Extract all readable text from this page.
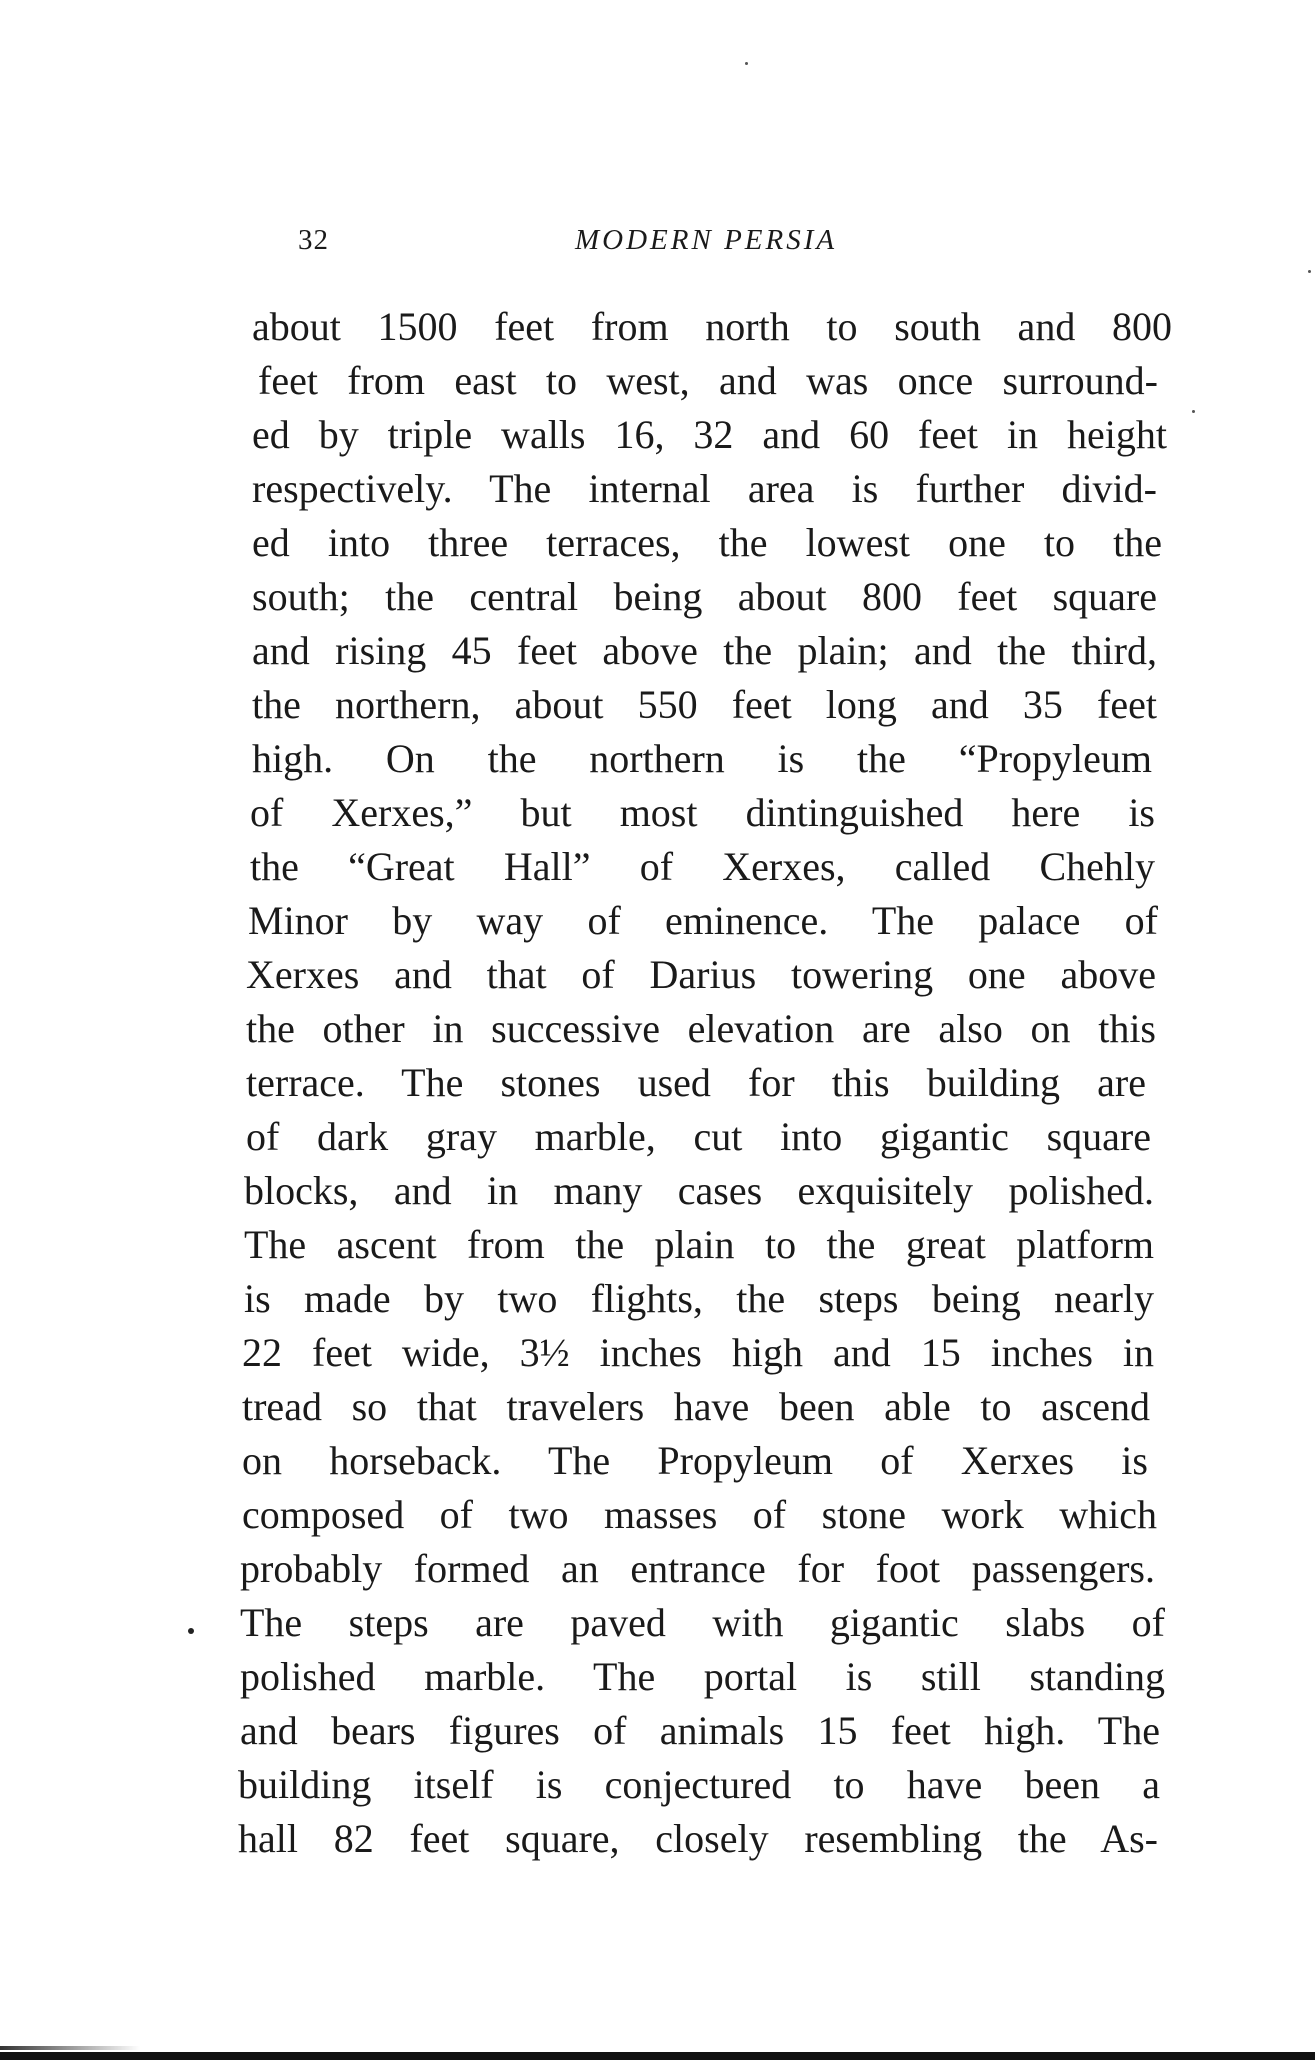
32	MODERN PERSIA
about 1500 feet from north to south and 800
feet from east to west, and was once surround-
ed by triple walls 16, 32 and 60 feet in height
respectively. The internal area is further divid-
ed into three terraces, the lowest one to the
south; the central being about 800 feet square
and rising 45 feet above the plain; and the third,
the northern, about 550 feet long and 35 feet
high. On the northern is the “Propyleum
of Xerxes,” but most dintinguished here is
the “Great Hall” of Xerxes, called Chehly
Minor by way of eminence. The palace of
Xerxes and that of Darius towering one above
the other in successive elevation are also on this
terrace. The stones used for this building are
of dark gray marble, cut into gigantic square
blocks, and in many cases exquisitely polished.
The ascent from the plain to the great platform
is made by two flights, the steps being nearly
22 feet wide, 3½ inches high and 15 inches in
tread so that travelers have been able to ascend
on horseback. The Propyleum of Xerxes is
composed of two masses of stone work which
probably formed an entrance for foot passengers.
The steps are paved with gigantic slabs of
polished marble. The portal is still standing
and bears figures of animals 15 feet high. The
building itself is conjectured to have been a
hall 82 feet square, closely resembling the As-
